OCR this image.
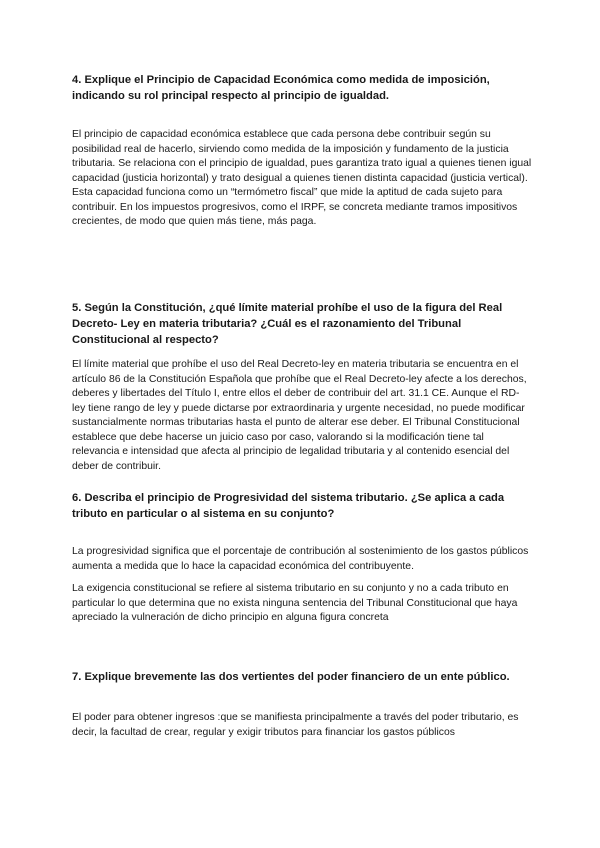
4. Explique el Principio de Capacidad Económica como medida de imposición, indicando su rol principal respecto al principio de igualdad.

El principio de capacidad económica establece que cada persona debe contribuir según su posibilidad real de hacerlo, sirviendo como medida de la imposición y fundamento de la justicia tributaria. Se relaciona con el principio de igualdad, pues garantiza trato igual a quienes tienen igual capacidad (justicia horizontal) y trato desigual a quienes tienen distinta capacidad (justicia vertical). Esta capacidad funciona como un “termómetro fiscal” que mide la aptitud de cada sujeto para contribuir. En los impuestos progresivos, como el IRPF, se concreta mediante tramos impositivos crecientes, de modo que quien más tiene, más paga.

5. Según la Constitución, ¿qué límite material prohíbe el uso de la figura del Real Decreto- Ley en materia tributaria? ¿Cuál es el razonamiento del Tribunal Constitucional al respecto?

El límite material que prohíbe el uso del Real Decreto-ley en materia tributaria se encuentra en el artículo 86 de la Constitución Española que prohíbe que el Real Decreto-ley afecte a los derechos, deberes y libertades del Título I, entre ellos el deber de contribuir del art. 31.1 CE. Aunque el RD-ley tiene rango de ley y puede dictarse por extraordinaria y urgente necesidad, no puede modificar sustancialmente normas tributarias hasta el punto de alterar ese deber. El Tribunal Constitucional establece que debe hacerse un juicio caso por caso, valorando si la modificación tiene tal relevancia e intensidad que afecta al principio de legalidad tributaria y al contenido esencial del deber de contribuir.

6. Describa el principio de Progresividad del sistema tributario. ¿Se aplica a cada tributo en particular o al sistema en su conjunto?

La progresividad significa que el porcentaje de contribución al sostenimiento de los gastos públicos aumenta a medida que lo hace la capacidad económica del contribuyente.

La exigencia constitucional se refiere al sistema tributario en su conjunto y no a cada tributo en particular lo que determina que no exista ninguna sentencia del Tribunal Constitucional que haya apreciado la vulneración de dicho principio en alguna figura concreta

7. Explique brevemente las dos vertientes del poder financiero de un ente público.

El poder para obtener ingresos :que se manifiesta principalmente a través del poder tributario, es decir, la facultad de crear, regular y exigir tributos para financiar los gastos públicos
